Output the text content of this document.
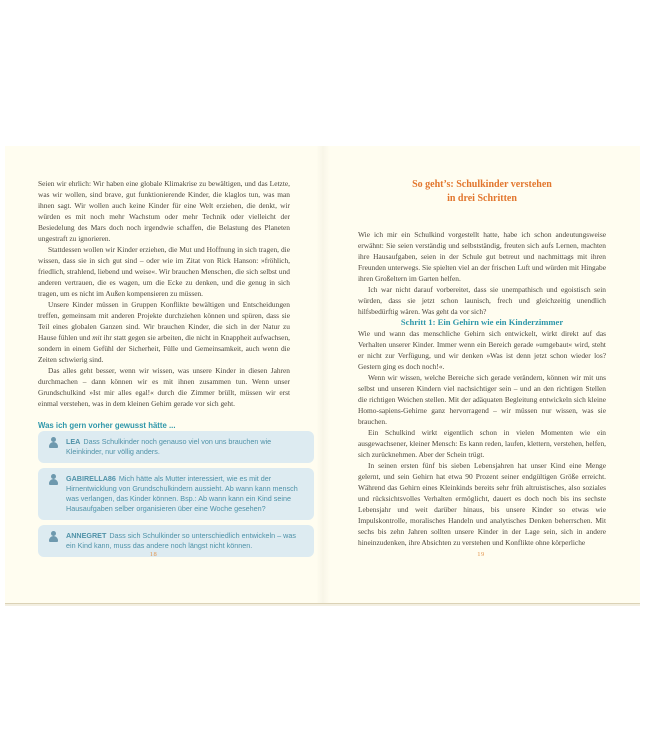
Seien wir ehrlich: Wir haben eine globale Klimakrise zu bewältigen, und das Letzte, was wir wollen, sind brave, gut funktionierende Kinder, die klaglos tun, was man ihnen sagt. Wir wollen auch keine Kinder für eine Welt erziehen, die denkt, wir würden es mit noch mehr Wachstum oder mehr Technik oder vielleicht der Besiedelung des Mars doch noch irgendwie schaffen, die Belastung des Planeten ungestraft zu ignorieren.

Stattdessen wollen wir Kinder erziehen, die Mut und Hoffnung in sich tragen, die wissen, dass sie in sich gut sind – oder wie im Zitat von Rick Hanson: »fröhlich, friedlich, strahlend, liebend und weise«. Wir brauchen Menschen, die sich selbst und anderen vertrauen, die es wagen, um die Ecke zu denken, und die genug in sich tragen, um es nicht im Außen kompensieren zu müssen.

Unsere Kinder müssen in Gruppen Konflikte bewältigen und Entscheidungen treffen, gemeinsam mit anderen Projekte durchziehen können und spüren, dass sie Teil eines globalen Ganzen sind. Wir brauchen Kinder, die sich in der Natur zu Hause fühlen und mit ihr statt gegen sie arbeiten, die nicht in Knappheit aufwachsen, sondern in einem Gefühl der Sicherheit, Fülle und Gemeinsamkeit, auch wenn die Zeiten schwierig sind.

Das alles geht besser, wenn wir wissen, was unsere Kinder in diesen Jahren durchmachen – dann können wir es mit ihnen zusammen tun. Wenn unser Grundschulkind »Ist mir alles egal!« durch die Zimmer brüllt, müssen wir erst einmal verstehen, was in dem kleinen Gehirn gerade vor sich geht.

Was ich gern vorher gewusst hätte ...

LEA Dass Schulkinder noch genauso viel von uns brauchen wie Kleinkinder, nur völlig anders.
GABIRELLA86 Mich hätte als Mutter interessiert, wie es mit der Hirnentwicklung von Grundschulkindern aussieht. Ab wann kann mensch was verlangen, das Kinder können. Bsp.: Ab wann kann ein Kind seine Hausaufgaben selber organisieren über eine Woche gesehen?
ANNEGRET Dass sich Schulkinder so unterschiedlich entwickeln – was ein Kind kann, muss das andere noch längst nicht können.
18
So geht’s: Schulkinder verstehen
in drei Schritten

Wie ich mir ein Schulkind vorgestellt hatte, habe ich schon andeutungsweise erwähnt: Sie seien verständig und selbstständig, freuten sich aufs Lernen, machten ihre Hausaufgaben, seien in der Schule gut betreut und nachmittags mit ihren Freunden unterwegs. Sie spielten viel an der frischen Luft und würden mit Hingabe ihren Großeltern im Garten helfen.

Ich war nicht darauf vorbereitet, dass sie unempathisch und egoistisch sein würden, dass sie jetzt schon launisch, frech und gleichzeitig unendlich hilfsbedürftig wären. Was geht da vor sich?

Schritt 1: Ein Gehirn wie ein Kinderzimmer

Wie und wann das menschliche Gehirn sich entwickelt, wirkt direkt auf das Verhalten unserer Kinder. Immer wenn ein Bereich gerade »umgebaut« wird, steht er nicht zur Verfügung, und wir denken »Was ist denn jetzt schon wieder los? Gestern ging es doch noch!«.

Wenn wir wissen, welche Bereiche sich gerade verändern, können wir mit uns selbst und unseren Kindern viel nachsichtiger sein – und an den richtigen Stellen die richtigen Weichen stellen. Mit der adäquaten Begleitung entwickeln sich kleine Homo-sapiens-Gehirne ganz hervorragend – wir müssen nur wissen, was sie brauchen.

Ein Schulkind wirkt eigentlich schon in vielen Momenten wie ein ausgewachsener, kleiner Mensch: Es kann reden, laufen, klettern, verstehen, helfen, sich zurücknehmen. Aber der Schein trügt.

In seinen ersten fünf bis sieben Lebensjahren hat unser Kind eine Menge gelernt, und sein Gehirn hat etwa 90 Prozent seiner endgültigen Größe erreicht. Während das Gehirn eines Kleinkinds bereits sehr früh altruistisches, also soziales und rücksichtsvolles Verhalten ermöglicht, dauert es doch noch bis ins sechste Lebensjahr und weit darüber hinaus, bis unsere Kinder so etwas wie Impulskontrolle, moralisches Handeln und analytisches Denken beherrschen. Mit sechs bis zehn Jahren sollten unsere Kinder in der Lage sein, sich in andere hineinzudenken, ihre Absichten zu verstehen und Konflikte ohne körperliche

19
